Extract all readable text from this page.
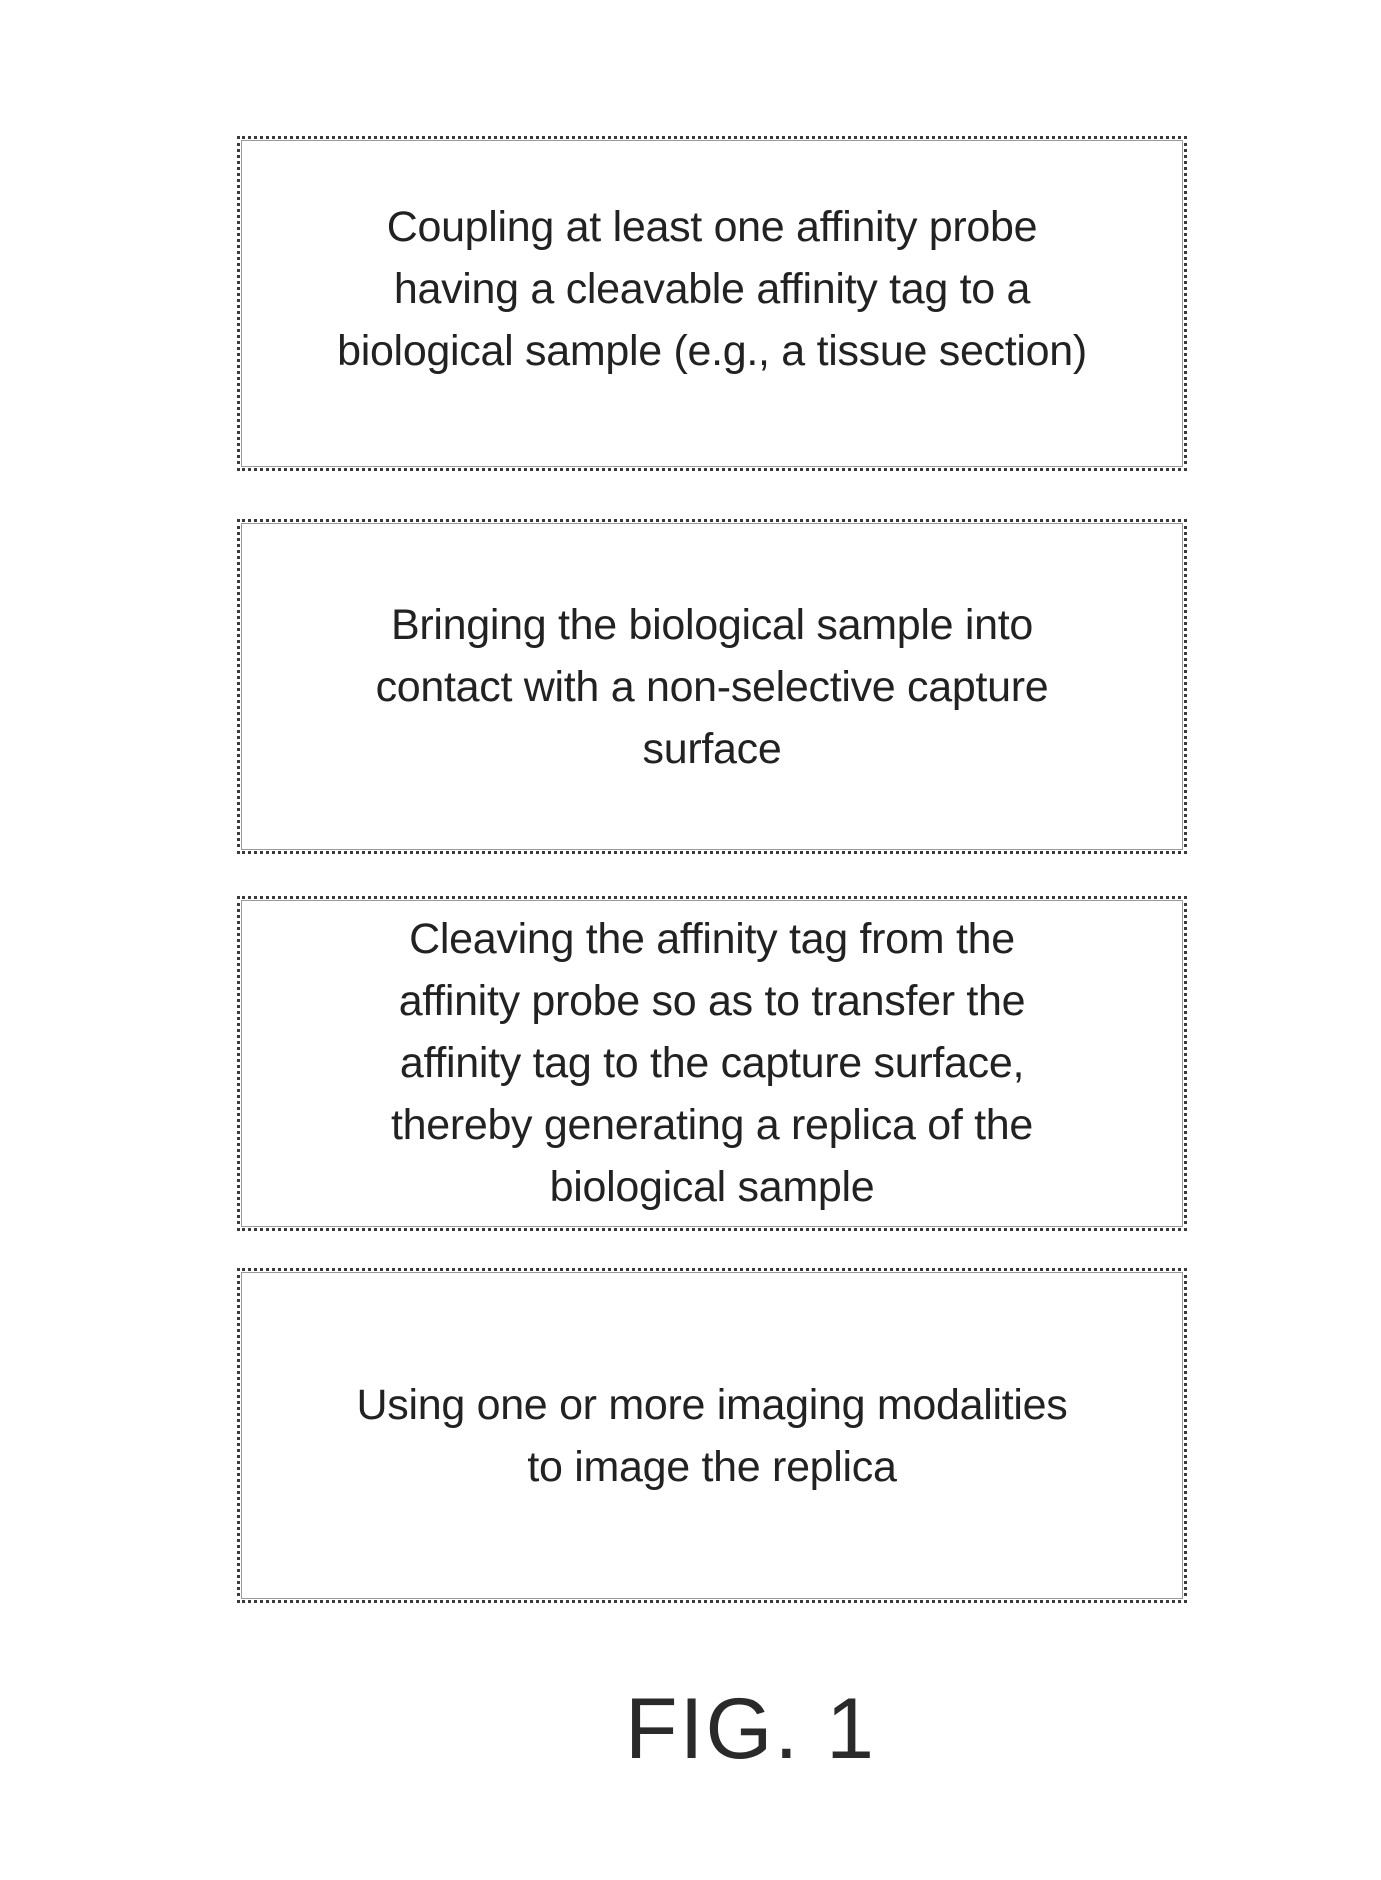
Coupling at least one affinity probe
having a cleavable affinity tag to a
biological sample (e.g., a tissue section)
Bringing the biological sample into
contact with a non-selective capture
surface
Cleaving the affinity tag from the
affinity probe so as to transfer the
affinity tag to the capture surface,
thereby generating a replica of the
biological sample
Using one or more imaging modalities
to image the replica
FIG. 1
